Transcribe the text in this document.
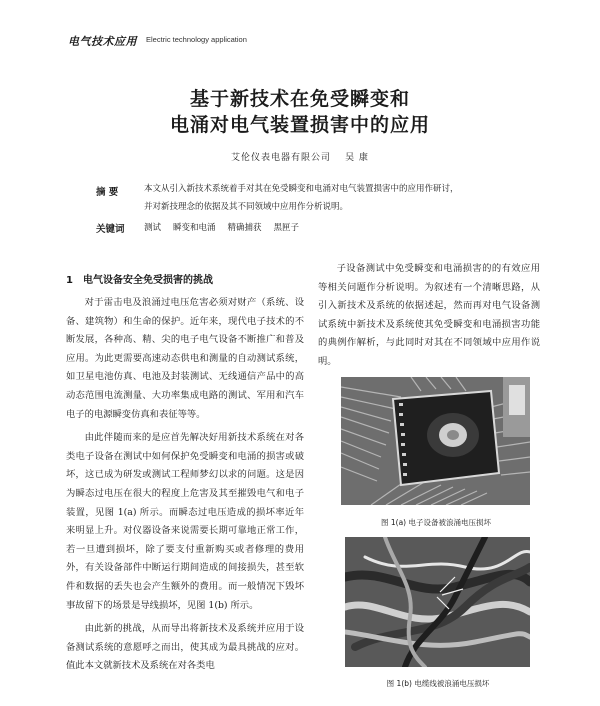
电气技术应用 Electric technology application
基于新技术在免受瞬变和
电涌对电气装置损害中的应用
艾伦仪表电器有限公司 吴 康
摘 要	本文从引入新技术系统着手对其在免受瞬变和电涌对电气装置损害中的应用作研讨，
并对新技理念的依据及其不同领域中应用作分析说明。
关键词 测试 瞬变和电涌 精确捕获 黑匣子
1 电气设备安全免受损害的挑战

对于雷击电及浪涌过电压危害必须对财产（系统、设备、建筑物）和生命的保护。近年来，现代电子技术的不断发展，各种高、精、尖的电子电气设备不断推广和普及应用。为此更需要高速动态供电和测量的自动测试系统，如卫星电池仿真、电池及封装测试、无线通信产品中的高动态范围电流测量、大功率集成电路的测试、军用和汽车电子的电源瞬变仿真和表征等等。

由此伴随而来的是应首先解决好用新技术系统在对各类电子设备在测试中如何保护免受瞬变和电涌的损害或破坏，这已成为研发或测试工程师梦幻以求的问题。这是因为瞬态过电压在很大的程度上危害及其至摧毁电气和电子装置，见图 1(a) 所示。而瞬态过电压造成的损坏率近年来明显上升。对仪器设备来说需要长期可靠地正常工作，若一旦遭到损坏，除了要支付重新购买或者修理的费用外，有关设备部件中断运行期间造成的间接损失，甚至软件和数据的丢失也会产生额外的费用。而一般情况下毁坏事故留下的场景是导线损坏，见图 1(b) 所示。

由此新的挑战，从而导出将新技术及系统并应用于设备测试系统的意愿呼之而出，使其成为最具挑战的应对。值此本文就新技术及系统在对各类电

子设备测试中免受瞬变和电涌损害的的有效应用等相关问题作分析说明。为叙述有一个清晰思路，从引入新技术及系统的依据述起，然而再对电气设备测试系统中新技术及系统使其免受瞬变和电涌损害功能的典例作解析，与此同时对其在不同领域中应用作说明。

图 1(a) 电子设备被浪涌电压损坏
图 1(b) 电缆线被浪涌电压损坏
